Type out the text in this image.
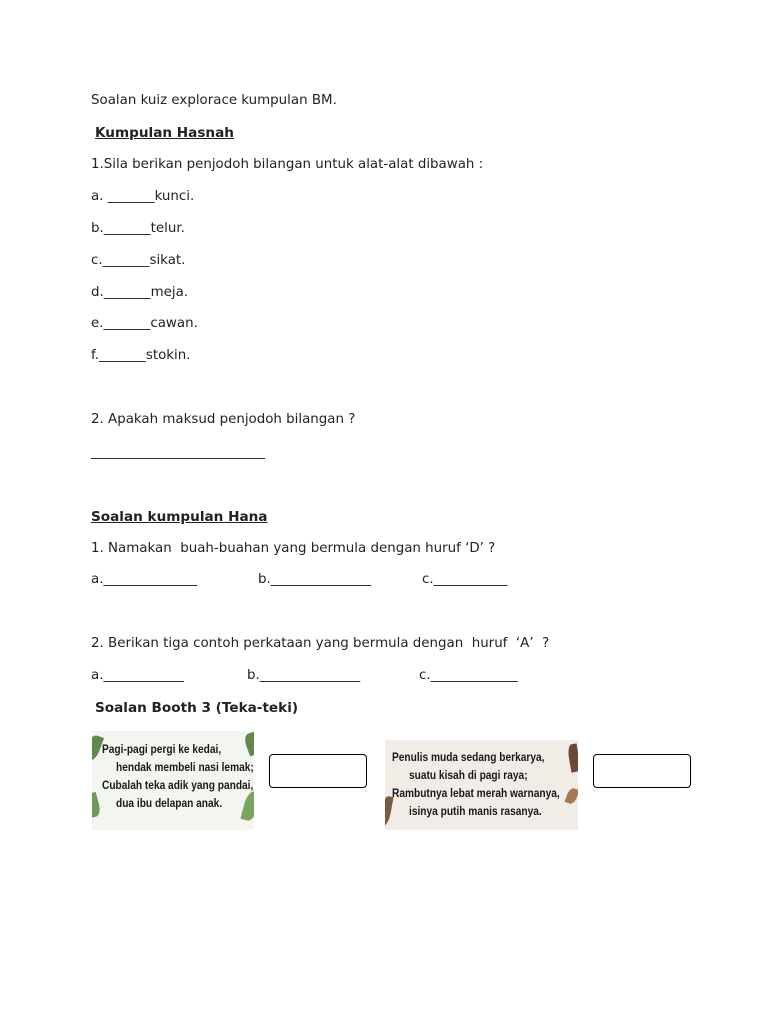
Soalan kuiz explorace kumpulan BM.
Kumpulan Hasnah
1.Sila berikan penjodoh bilangan untuk alat-alat dibawah :
a. _______kunci.
b._______telur.
c._______sikat.
d._______meja.
e._______cawan.
f._______stokin.
2. Apakah maksud penjodoh bilangan ?
__________________________
Soalan kumpulan Hana
1. Namakan  buah-buahan yang bermula dengan huruf ‘D’ ?
a.______________	b._______________	c.___________
2. Berikan tiga contoh perkataan yang bermula dengan  huruf  ‘A’  ?
a.____________	b._______________	c._____________
Soalan Booth 3 (Teka-teki)
Pagi-pagi pergi ke kedai,
hendak membeli nasi lemak;
Cubalah teka adik yang pandai,
dua ibu delapan anak.
Penulis muda sedang berkarya,
suatu kisah di pagi raya;
Rambutnya lebat merah warnanya,
isinya putih manis rasanya.
